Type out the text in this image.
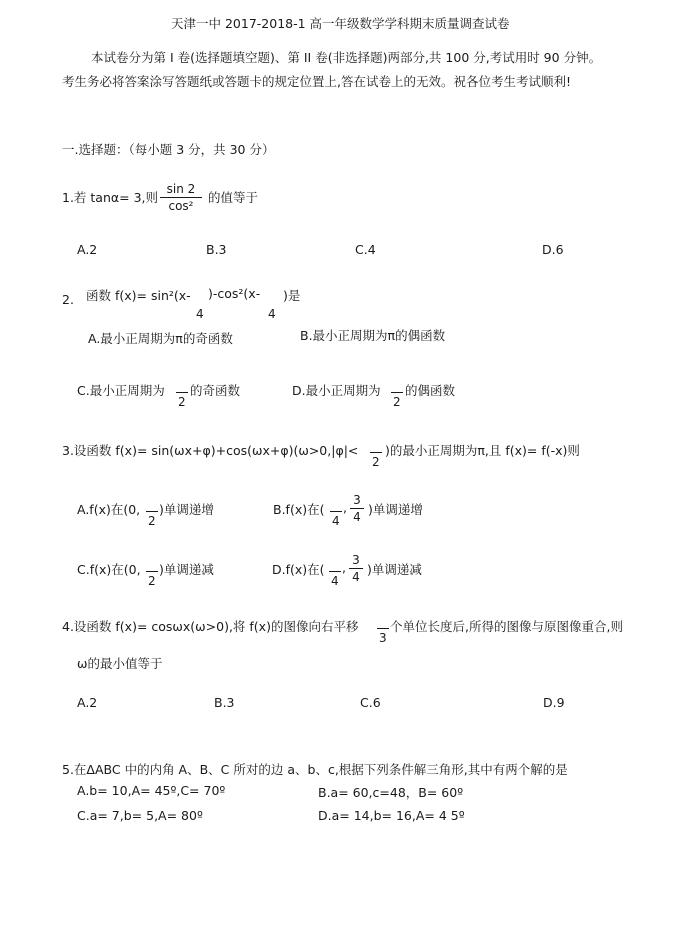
天津一中 2017-2018-1 高一年级数学学科期末质量调查试卷
本试卷分为第 I 卷(选择题填空题)、第 II 卷(非选择题)两部分,共 100 分,考试用时 90 分钟。
考生务必将答案涂写答题纸或答题卡的规定位置上,答在试卷上的无效。祝各位考生考试顺利!
一.选择题：（每小题 3 分，共 30 分）
1.若 tanα= 3,则 $\frac{\sin 2}{\text{cos²}}$ 的值等于
A.2	B.3	C.4	D.6
2. 函数 f(x)= sin²(x- )-cos²(x- )是
4	4
A.最小正周期为π的奇函数	B.最小正周期为π的偶函数
C.最小正周期为
2
的奇函数	D.最小正周期为
2
的偶函数
3.设函数 f(x)= sin(ωx+φ)+cos(ωx+φ)(ω>0,|φ|<
2
)的最小正周期为π,且 f(x)= f(-x)则
A.f(x)在(0,
2
)单调递增	B.f(x)在(
4
, $\frac{3}{4}$ )单调递增
C.f(x)在(0,
2
)单调递减	D.f(x)在(
4
, $\frac{3}{4}$ )单调递减
4.设函数 f(x)= cosωx(ω>0),将 f(x)的图像向右平移
3
个单位长度后,所得的图像与原图像重合,则
ω的最小值等于
A.2	B.3	C.6	D.9
5.在ΔABC 中的内角 A、B、C 所对的边 a、b、c,根据下列条件解三角形,其中有两个解的是
A.b= 10,A= 45º,C= 70º	B.a= 60,c=48，B= 60º
C.a= 7,b= 5,A= 80º	D.a= 14,b= 16,A= 4 5º
